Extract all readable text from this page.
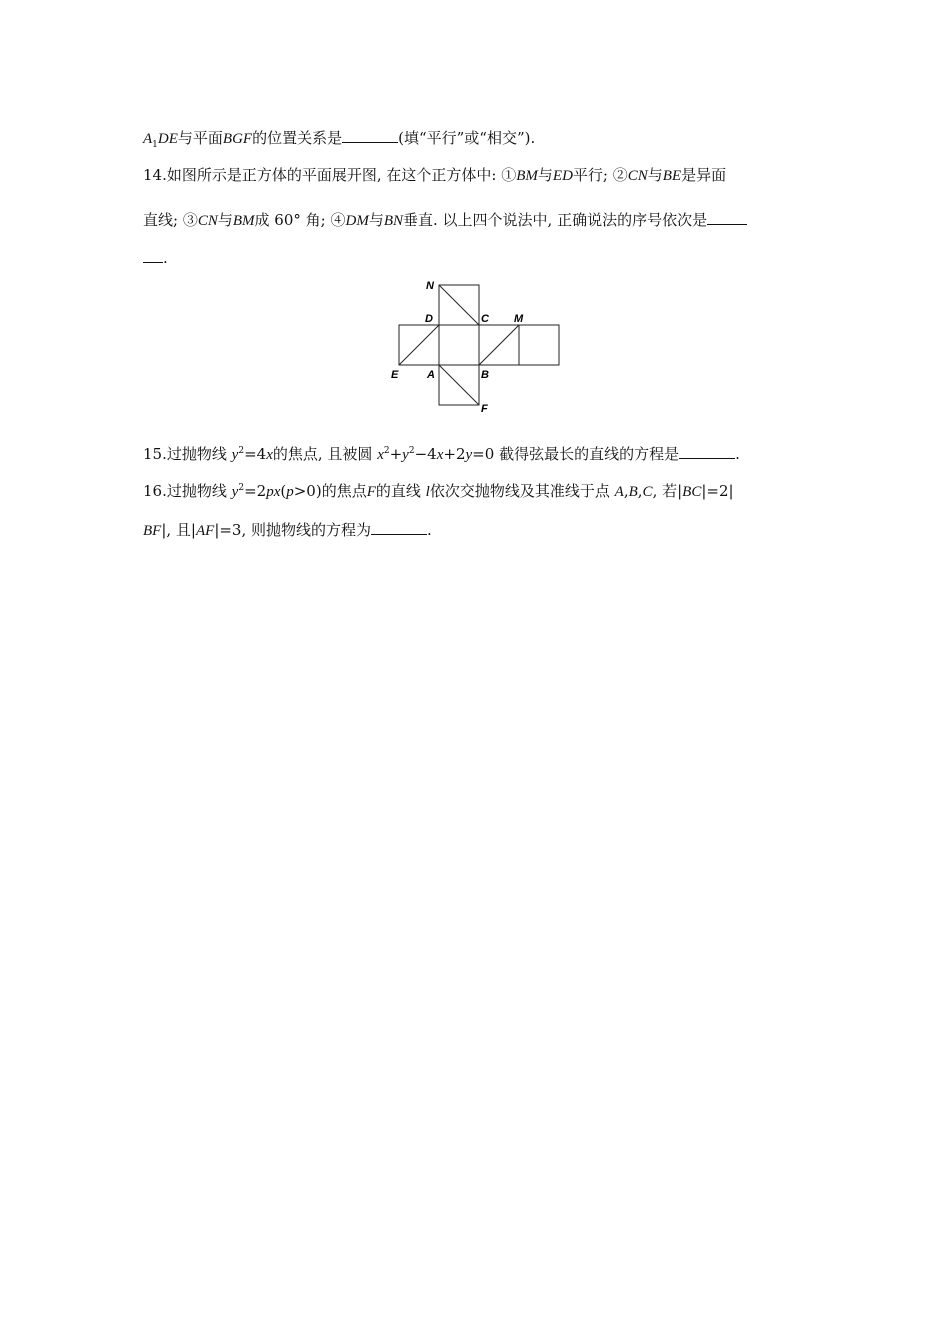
$A_1DE$与平面BGF的位置关系是	(填“平行”或“相交”).
14.如图所示是正方体的平面展开图, 在这个正方体中: ①BM与ED平行; ②CN与BE是异面
直线; ③CN与BM成 60° 角; ④DM与BN垂直. 以上四个说法中, 正确说法的序号依次是
.
N
D	C M
E	A	B
F
15.过抛物线 $y^2=4x$的焦点, 且被圆 $x^2+y^2-4x+2y=0$ 截得弦最长的直线的方程是	.
16.过抛物线 $y^2=2px(p>0)$的焦点F的直线 l依次交抛物线及其准线于点 A,B,C, 若|BC|=2|
BF|, 且|AF|=3, 则抛物线的方程为	.
